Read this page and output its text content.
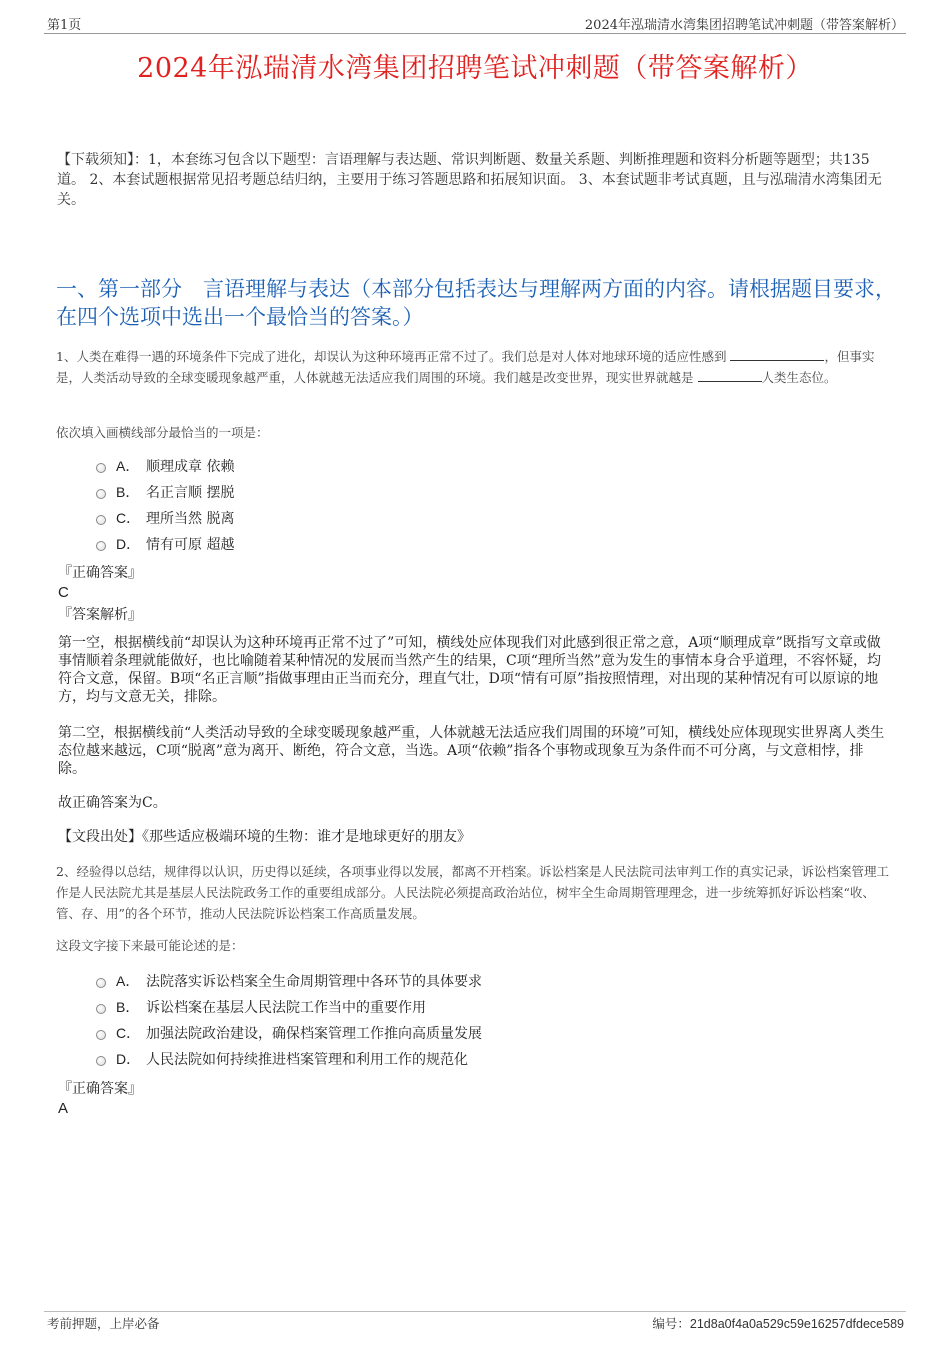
第1页	2024年泓瑞清水湾集团招聘笔试冲刺题（带答案解析）
2024年泓瑞清水湾集团招聘笔试冲刺题（带答案解析）
【下载须知】：1，本套练习包含以下题型：言语理解与表达题、常识判断题、数量关系题、判断推理题和资料分析题等题型；共135道。 2、本套试题根据常见招考题总结归纳，主要用于练习答题思路和拓展知识面。 3、本套试题非考试真题，且与泓瑞清水湾集团无关。
一、第一部分　言语理解与表达（本部分包括表达与理解两方面的内容。请根据题目要求，在四个选项中选出一个最恰当的答案。）
1、人类在难得一遇的环境条件下完成了进化，却误认为这种环境再正常不过了。我们总是对人体对地球环境的适应性感到	，但事实是，人类活动导致的全球变暖现象越严重，人体就越无法适应我们周围的环境。我们越是改变世界，现实世界就越是	人类生态位。
依次填入画横线部分最恰当的一项是：
A． 顺理成章 依赖
B． 名正言顺 摆脱
C． 理所当然 脱离
D． 情有可原 超越
『正确答案』
C
『答案解析』
第一空，根据横线前“却误认为这种环境再正常不过了”可知，横线处应体现我们对此感到很正常之意，A项“顺理成章”既指写文章或做事情顺着条理就能做好，也比喻随着某种情况的发展而当然产生的结果，C项“理所当然”意为发生的事情本身合乎道理，不容怀疑，均符合文意，保留。B项“名正言顺”指做事理由正当而充分，理直气壮，D项“情有可原”指按照情理，对出现的某种情况有可以原谅的地方，均与文意无关，排除。
第二空，根据横线前“人类活动导致的全球变暖现象越严重，人体就越无法适应我们周围的环境”可知，横线处应体现现实世界离人类生态位越来越远，C项“脱离”意为离开、断绝，符合文意，当选。A项“依赖”指各个事物或现象互为条件而不可分离，与文意相悖，排除。
故正确答案为C。
【文段出处】《那些适应极端环境的生物：谁才是地球更好的朋友》
2、经验得以总结，规律得以认识，历史得以延续，各项事业得以发展，都离不开档案。诉讼档案是人民法院司法审判工作的真实记录，诉讼档案管理工作是人民法院尤其是基层人民法院政务工作的重要组成部分。人民法院必须提高政治站位，树牢全生命周期管理理念，进一步统筹抓好诉讼档案“收、管、存、用”的各个环节，推动人民法院诉讼档案工作高质量发展。
这段文字接下来最可能论述的是：
A． 法院落实诉讼档案全生命周期管理中各环节的具体要求
B． 诉讼档案在基层人民法院工作当中的重要作用
C． 加强法院政治建设，确保档案管理工作推向高质量发展
D． 人民法院如何持续推进档案管理和利用工作的规范化
『正确答案』
A
考前押题，上岸必备	编号：21d8a0f4a0a529c59e16257dfdece589
